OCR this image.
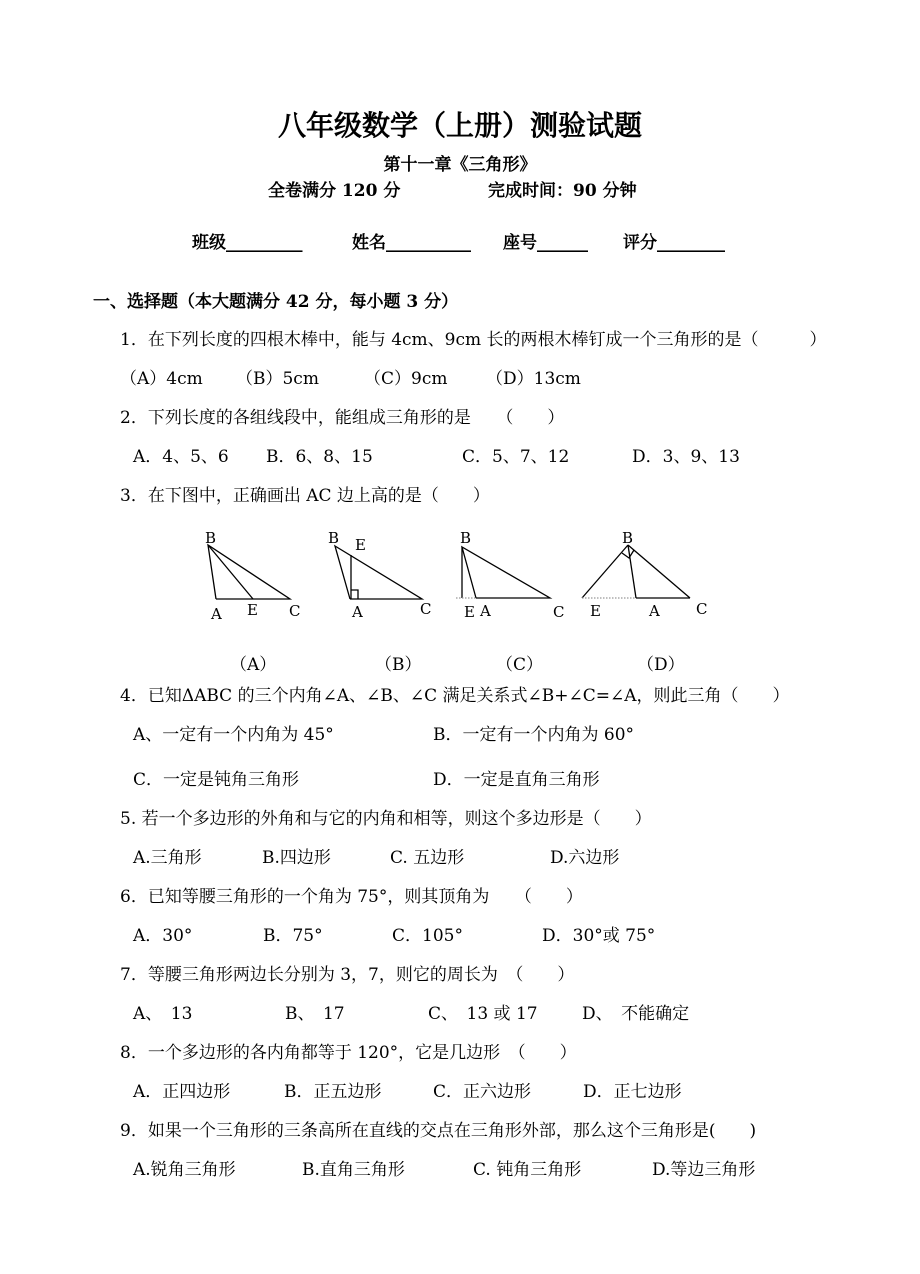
八年级数学（上册）测验试题
第十一章《三角形》
全卷满分 120 分	完成时间：90 分钟
班级_________	姓名__________ 座号______ 评分________
一、选择题（本大题满分 42 分，每小题 3 分）
1．在下列长度的四根木棒中，能与 4cm、9cm 长的两根木棒钉成一个三角形的是（　　　）
（A）4cm （B）5cm	（C）9cm （D）13cm
2．下列长度的各组线段中，能组成三角形的是　　（　　）
A．4、5、6 B．6、8、15	C．5、7、12	D．3、9、13
3．在下图中，正确画出 AC 边上高的是（　　）
B
A E C
B E
A	C
B
E A	C
B
E	A C
（A）	（B）	（C）	（D）
4．已知ΔABC 的三个内角∠A、∠B、∠C 满足关系式∠B+∠C=∠A，则此三角（　　）
A、一定有一个内角为 45°	B．一定有一个内角为 60°
C．一定是钝角三角形	D．一定是直角三角形
5. 若一个多边形的外角和与它的内角和相等，则这个多边形是（　　）
A.三角形	B.四边形	C. 五边形	D.六边形
6．已知等腰三角形的一个角为 75°，则其顶角为　　（　　）
A．30°	B．75°	C．105°	D．30°或 75°
7．等腰三角形两边长分别为 3，7，则它的周长为　（　　）
A、　13	B、　17	C、　13 或 17	D、　不能确定
8．一个多边形的各内角都等于 120°，它是几边形　（　　）
A．正四边形	B．正五边形	C．正六边形	D．正七边形
9．如果一个三角形的三条高所在直线的交点在三角形外部，那么这个三角形是(　　)
A.锐角三角形	B.直角三角形	C. 钝角三角形	D.等边三角形
